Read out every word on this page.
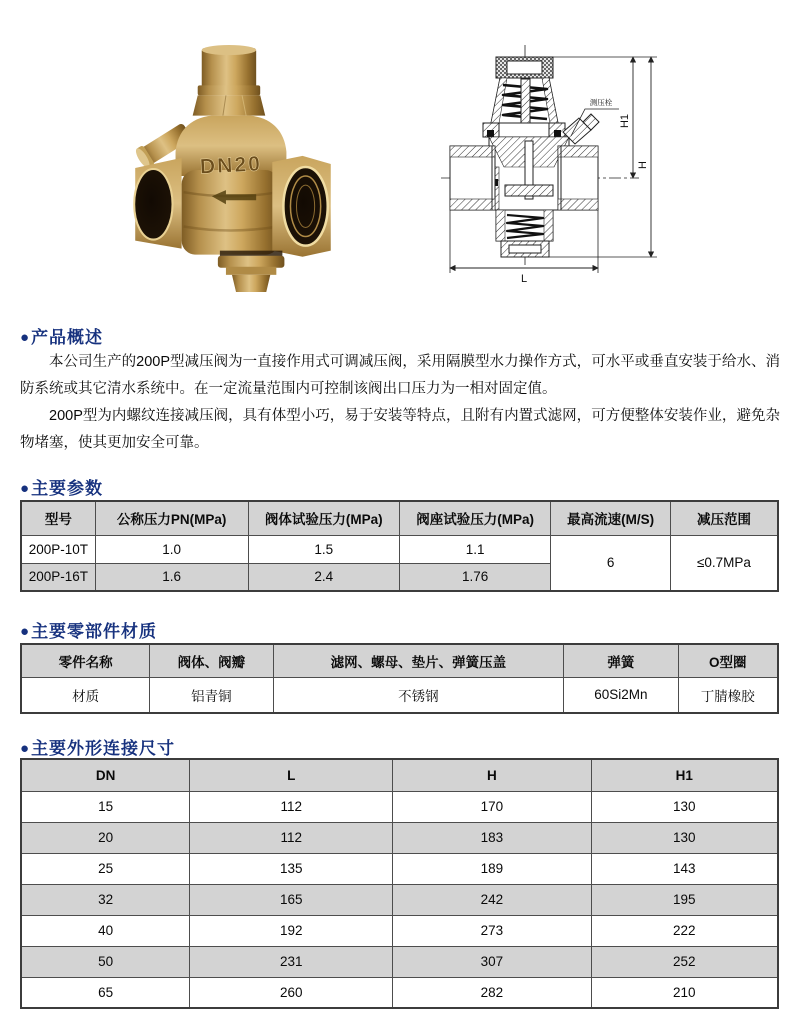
DN20
H1
H
L
测压栓
●产品概述

本公司生产的200P型减压阀为一直接作用式可调减压阀，采用隔膜型水力操作方式，可水平或垂直安装于给水、消防系统或其它清水系统中。在一定流量范围内可控制该阀出口压力为一相对固定值。

200P型为内螺纹连接减压阀，具有体型小巧，易于安装等特点，且附有内置式滤网，可方便整体安装作业，避免杂物堵塞，使其更加安全可靠。

●主要参数
型号	公称压力PN(MPa)	阀体试验压力(MPa)	阀座试验压力(MPa)	最高流速(M/S)	减压范围
200P-10T	1.0	1.5	1.1	6	≤0.7MPa
200P-16T	1.6	2.4	1.76		
●主要零部件材质
零件名称	阀体、阀瓣	滤网、螺母、垫片、弹簧压盖	弹簧	O型圈
材质	铝青铜	不锈钢	60Si2Mn	丁腈橡胶
●主要外形连接尺寸
DN	L	H	H1
15	112	170	130
20	112	183	130
25	135	189	143
32	165	242	195
40	192	273	222
50	231	307	252
65	260	282	210
